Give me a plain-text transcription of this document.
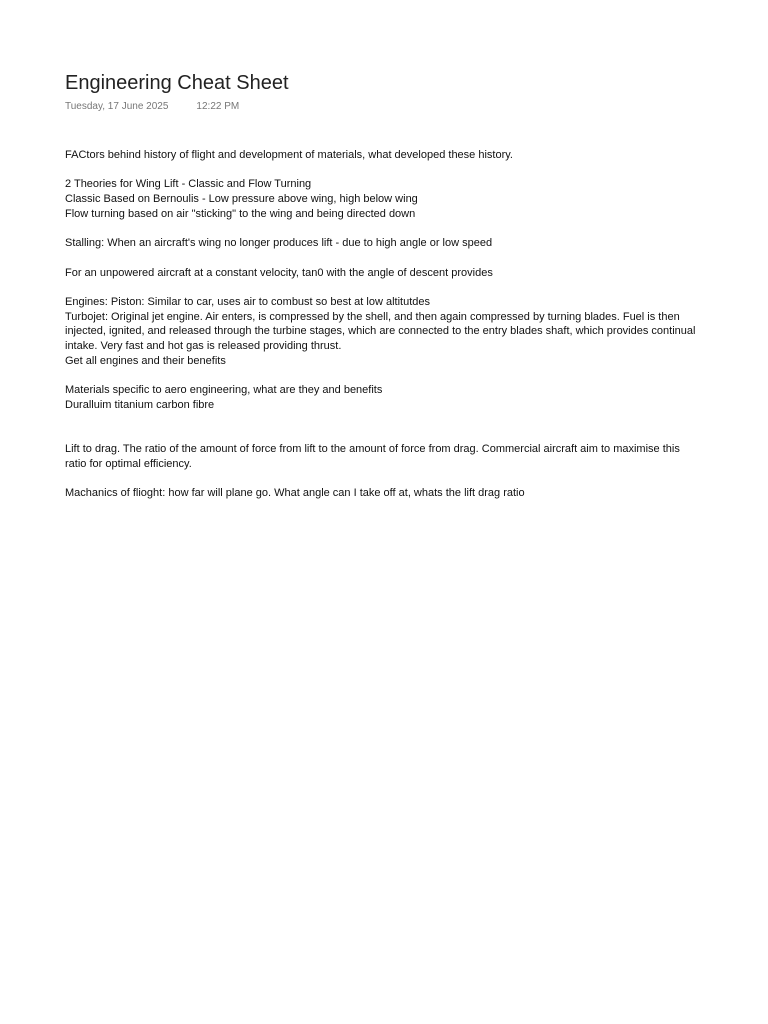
Engineering Cheat Sheet
Tuesday, 17 June 2025	12:22 PM

FACtors behind history of flight and development of materials, what developed these history.

2 Theories for Wing Lift - Classic and Flow Turning

Classic Based on Bernoulis - Low pressure above wing, high below wing

Flow turning based on air "sticking" to the wing and being directed down

Stalling: When an aircraft's wing no longer produces lift - due to high angle or low speed

For an unpowered aircraft at a constant velocity, tan0 with the angle of descent provides

Engines: Piston: Similar to car, uses air to combust so best at low altitutdes

Turbojet: Original jet engine. Air enters, is compressed by the shell, and then again compressed by turning blades. Fuel is then injected, ignited, and released through the turbine stages, which are connected to the entry blades shaft, which provides continual intake. Very fast and hot gas is released providing thrust.

Get all engines and their benefits

Materials specific to aero engineering, what are they and benefits

Duralluim titanium carbon fibre

Lift to drag. The ratio of the amount of force from lift to the amount of force from drag. Commercial aircraft aim to maximise this ratio for optimal efficiency.

Machanics of flioght: how far will plane go. What angle can I take off at, whats the lift drag ratio
